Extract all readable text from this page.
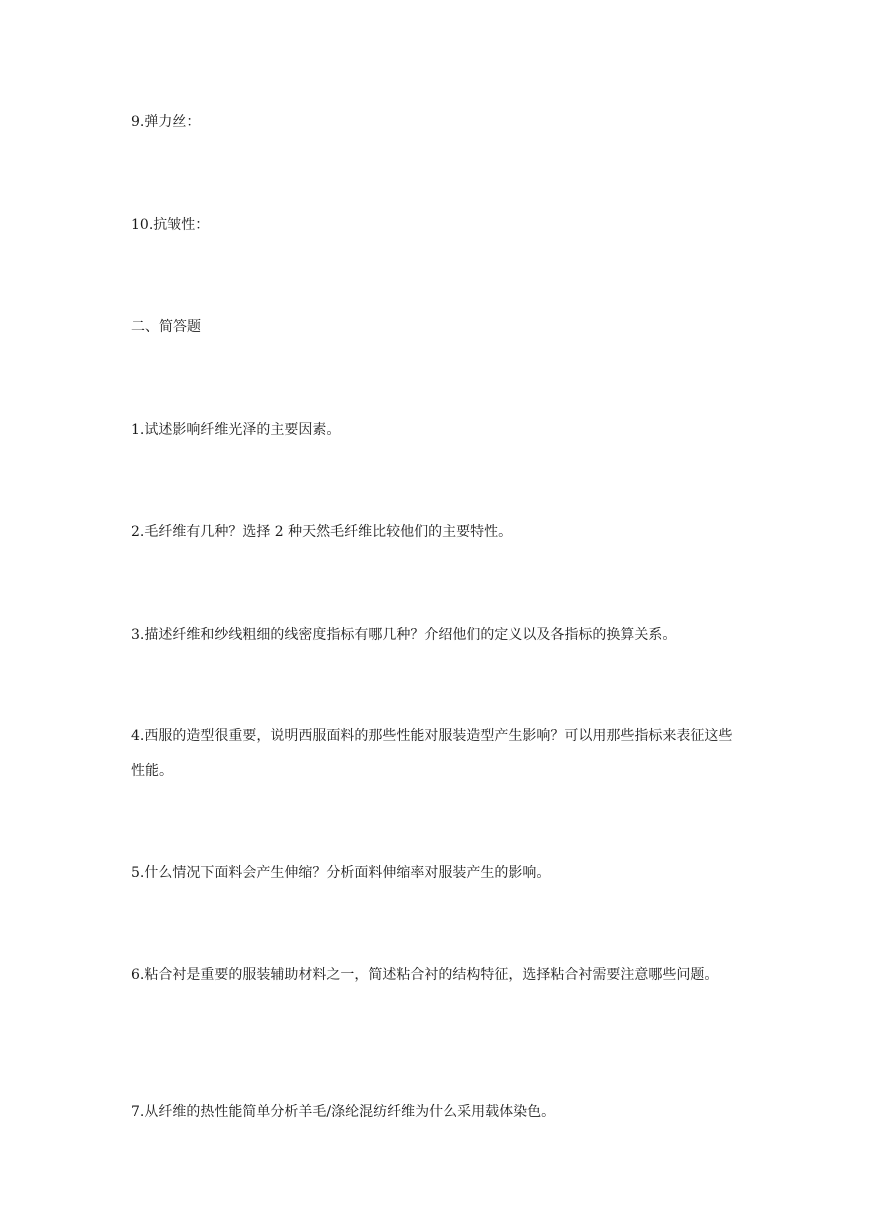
9.弹力丝：
10.抗皱性：
二、简答题
1.试述影响纤维光泽的主要因素。
2.毛纤维有几种？选择 2 种天然毛纤维比较他们的主要特性。
3.描述纤维和纱线粗细的线密度指标有哪几种？介绍他们的定义以及各指标的换算关系。
4.西服的造型很重要，说明西服面料的那些性能对服装造型产生影响？可以用那些指标来表征这些性能。
5.什么情况下面料会产生伸缩？分析面料伸缩率对服装产生的影响。
6.粘合衬是重要的服装辅助材料之一，简述粘合衬的结构特征，选择粘合衬需要注意哪些问题。
7.从纤维的热性能简单分析羊毛/涤纶混纺纤维为什么采用载体染色。
